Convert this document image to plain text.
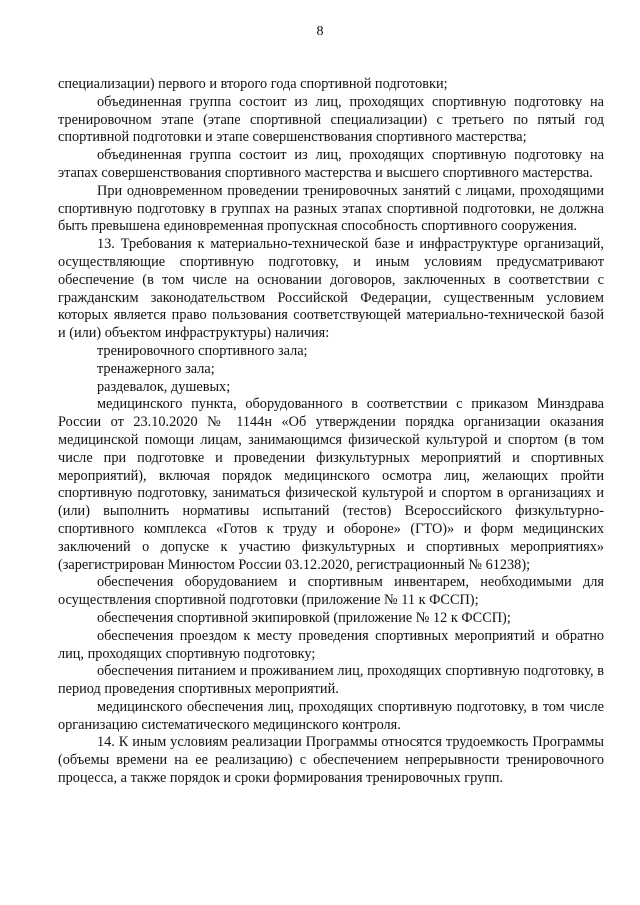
8

специализации) первого и второго года спортивной подготовки;

объединенная группа состоит из лиц, проходящих спортивную подготовку на тренировочном этапе (этапе спортивной специализации) с третьего по пятый год спортивной подготовки и этапе совершенствования спортивного мастерства;

объединенная группа состоит из лиц, проходящих спортивную подготовку на этапах совершенствования спортивного мастерства и высшего спортивного мастерства.

При одновременном проведении тренировочных занятий с лицами, проходящими спортивную подготовку в группах на разных этапах спортивной подготовки, не должна быть превышена единовременная пропускная способность спортивного сооружения.

13. Требования к материально-технической базе и инфраструктуре организаций, осуществляющие спортивную подготовку, и иным условиям предусматривают обеспечение (в том числе на основании договоров, заключенных в соответствии с гражданским законодательством Российской Федерации, существенным условием которых является право пользования соответствующей материально-технической базой и (или) объектом инфраструктуры) наличия:

тренировочного спортивного зала;

тренажерного зала;

раздевалок, душевых;

медицинского пункта, оборудованного в соответствии с приказом Минздрава России от 23.10.2020 № 1144н «Об утверждении порядка организации оказания медицинской помощи лицам, занимающимся физической культурой и спортом (в том числе при подготовке и проведении физкультурных мероприятий и спортивных мероприятий), включая порядок медицинского осмотра лиц, желающих пройти спортивную подготовку, заниматься физической культурой и спортом в организациях и (или) выполнить нормативы испытаний (тестов) Всероссийского физкультурно-спортивного комплекса «Готов к труду и обороне» (ГТО)» и форм медицинских заключений о допуске к участию физкультурных и спортивных мероприятиях» (зарегистрирован Минюстом России 03.12.2020, регистрационный № 61238);

обеспечения оборудованием и спортивным инвентарем, необходимыми для осуществления спортивной подготовки (приложение № 11 к ФССП);

обеспечения спортивной экипировкой (приложение № 12 к ФССП);

обеспечения проездом к месту проведения спортивных мероприятий и обратно лиц, проходящих спортивную подготовку;

обеспечения питанием и проживанием лиц, проходящих спортивную подготовку, в период проведения спортивных мероприятий.

медицинского обеспечения лиц, проходящих спортивную подготовку, в том числе организацию систематического медицинского контроля.

14. К иным условиям реализации Программы относятся трудоемкость Программы (объемы времени на ее реализацию) с обеспечением непрерывности тренировочного процесса, а также порядок и сроки формирования тренировочных групп.
